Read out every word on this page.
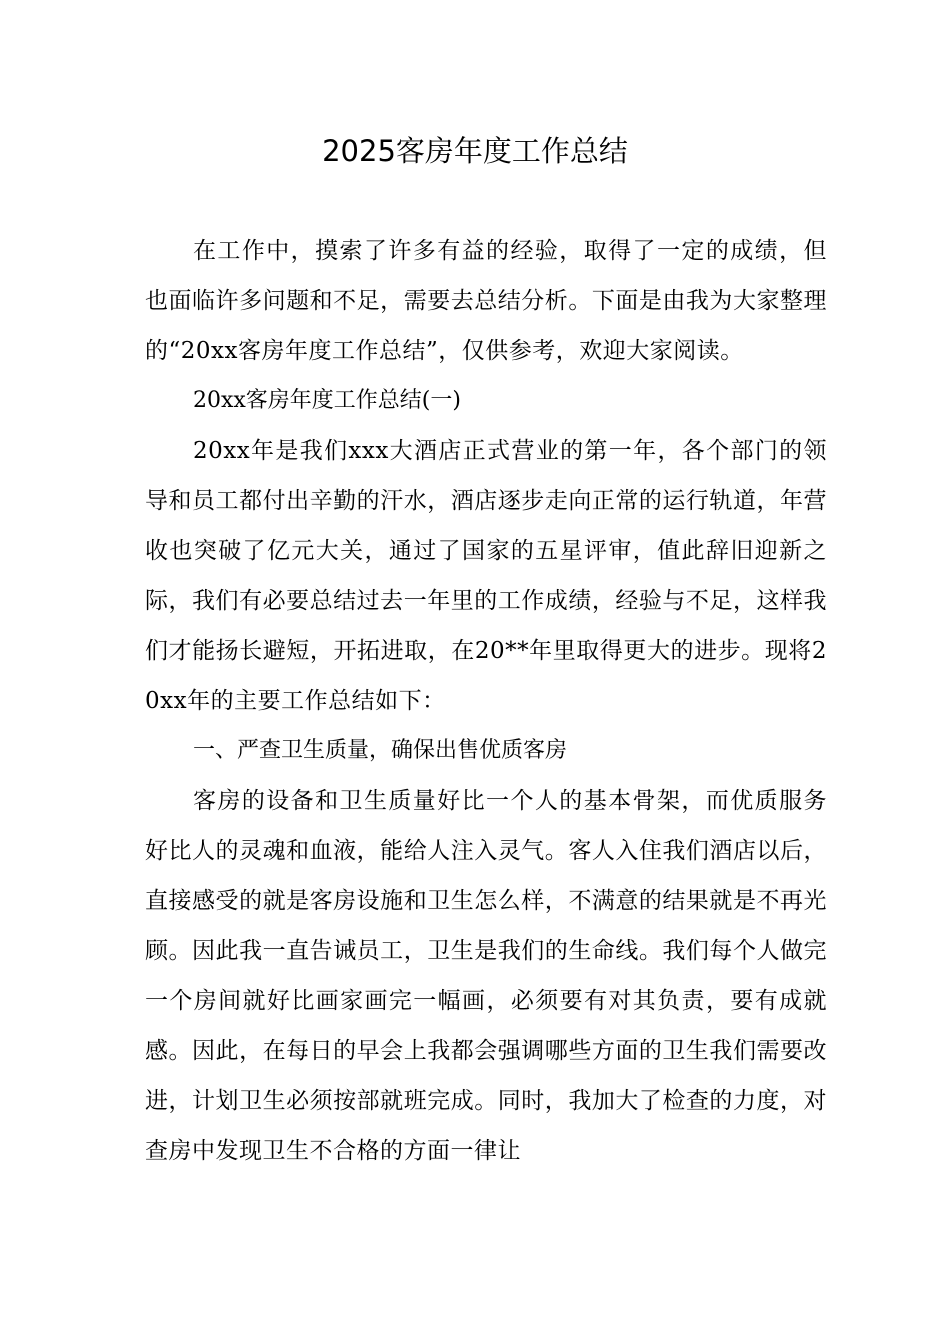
2025客房年度工作总结

在工作中，摸索了许多有益的经验，取得了一定的成绩，但也面临许多问题和不足，需要去总结分析。下面是由我为大家整理的“20xx客房年度工作总结”，仅供参考，欢迎大家阅读。

20xx客房年度工作总结(一)

20xx年是我们xxx大酒店正式营业的第一年，各个部门的领导和员工都付出辛勤的汗水，酒店逐步走向正常的运行轨道，年营收也突破了亿元大关，通过了国家的五星评审，值此辞旧迎新之际，我们有必要总结过去一年里的工作成绩，经验与不足，这样我们才能扬长避短，开拓进取，在20**年里取得更大的进步。现将20xx年的主要工作总结如下：

一、严查卫生质量，确保出售优质客房

客房的设备和卫生质量好比一个人的基本骨架，而优质服务好比人的灵魂和血液，能给人注入灵气。客人入住我们酒店以后，直接感受的就是客房设施和卫生怎么样，不满意的结果就是不再光顾。因此我一直告诫员工，卫生是我们的生命线。我们每个人做完一个房间就好比画家画完一幅画，必须要有对其负责，要有成就感。因此，在每日的早会上我都会强调哪些方面的卫生我们需要改进，计划卫生必须按部就班完成。同时，我加大了检查的力度，对查房中发现卫生不合格的方面一律让
